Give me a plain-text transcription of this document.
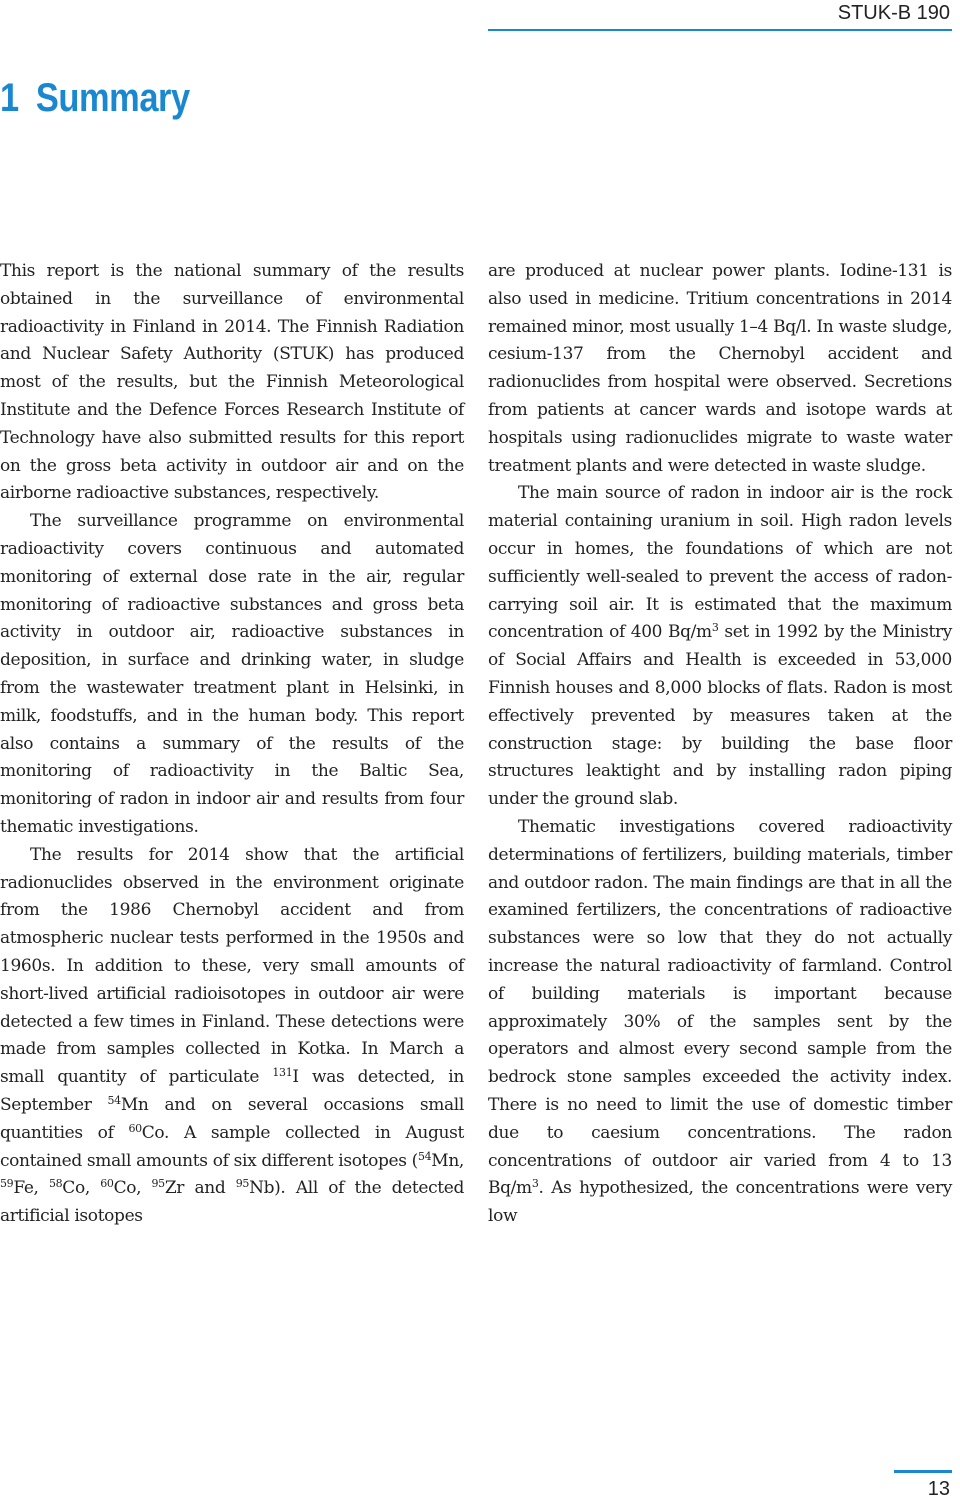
STUK-B 190
1 Summary

This report is the national summary of the results obtained in the surveillance of environmental radioactivity in Finland in 2014. The Finnish Radiation and Nuclear Safety Authority (STUK) has produced most of the results, but the Finnish Meteorological Institute and the Defence Forces Research Institute of Technology have also submitted results for this report on the gross beta activity in outdoor air and on the airborne radioactive substances, respectively.

The surveillance programme on environmental radioactivity covers continuous and automated monitoring of external dose rate in the air, regular monitoring of radioactive substances and gross beta activity in outdoor air, radioactive substances in deposition, in surface and drinking water, in sludge from the wastewater treatment plant in Helsinki, in milk, foodstuffs, and in the human body. This report also contains a summary of the results of the monitoring of radioactivity in the Baltic Sea, monitoring of radon in indoor air and results from four thematic investigations.

The results for 2014 show that the artificial radionuclides observed in the environment originate from the 1986 Chernobyl accident and from atmospheric nuclear tests performed in the 1950s and 1960s. In addition to these, very small amounts of short-lived artificial radioisotopes in outdoor air were detected a few times in Finland. These detections were made from samples collected in Kotka. In March a small quantity of particulate $^{131}$I was detected, in September $^{54}$Mn and on several occasions small quantities of $^{60}$Co. A sample collected in August contained small amounts of six different isotopes ($^{54}$Mn, $^{59}$Fe, $^{58}$Co, $^{60}$Co, $^{95}$Zr and $^{95}$Nb). All of the detected artificial isotopes

are produced at nuclear power plants. Iodine-131 is also used in medicine. Tritium concentrations in 2014 remained minor, most usually 1–4 Bq/l. In waste sludge, cesium-137 from the Chernobyl accident and radionuclides from hospital were observed. Secretions from patients at cancer wards and isotope wards at hospitals using radionuclides migrate to waste water treatment plants and were detected in waste sludge.

The main source of radon in indoor air is the rock material containing uranium in soil. High radon levels occur in homes, the foundations of which are not sufficiently well-sealed to prevent the access of radon-carrying soil air. It is estimated that the maximum concentration of 400 $Bq/m^3$ set in 1992 by the Ministry of Social Affairs and Health is exceeded in 53,000 Finnish houses and 8,000 blocks of flats. Radon is most effectively prevented by measures taken at the construction stage: by building the base floor structures leaktight and by installing radon piping under the ground slab.

Thematic investigations covered radioactivity determinations of fertilizers, building materials, timber and outdoor radon. The main findings are that in all the examined fertilizers, the concentrations of radioactive substances were so low that they do not actually increase the natural radioactivity of farmland. Control of building materials is important because approximately 30% of the samples sent by the operators and almost every second sample from the bedrock stone samples exceeded the activity index. There is no need to limit the use of domestic timber due to caesium concentrations. The radon concentrations of outdoor air varied from 4 to 13 $Bq/m^3$. As hypothesized, the concentrations were very low

13
